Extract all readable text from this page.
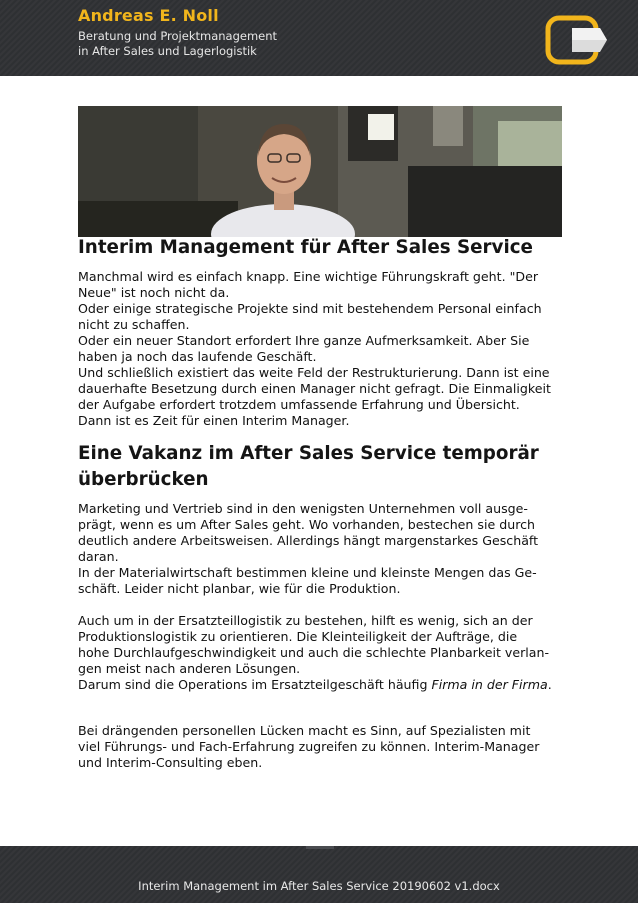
Andreas E. Noll
Beratung und Projektmanagement
in After Sales und Lagerlogistik
Interim Management für After Sales Service
Manchmal wird es einfach knapp. Eine wichtige Führungskraft geht. "Der
Neue" ist noch nicht da.
Oder einige strategische Projekte sind mit bestehendem Personal einfach
nicht zu schaffen.
Oder ein neuer Standort erfordert Ihre ganze Aufmerksamkeit. Aber Sie
haben ja noch das laufende Geschäft.
Und schließlich existiert das weite Feld der Restrukturierung. Dann ist eine
dauerhafte Besetzung durch einen Manager nicht gefragt. Die Einmaligkeit
der Aufgabe erfordert trotzdem umfassende Erfahrung und Übersicht.
Dann ist es Zeit für einen Interim Manager.
Eine Vakanz im After Sales Service temporär
überbrücken
Marketing und Vertrieb sind in den wenigsten Unternehmen voll ausge-
prägt, wenn es um After Sales geht. Wo vorhanden, bestechen sie durch
deutlich andere Arbeitsweisen. Allerdings hängt margenstarkes Geschäft
daran.
In der Materialwirtschaft bestimmen kleine und kleinste Mengen das Ge-
schäft. Leider nicht planbar, wie für die Produktion.
Auch um in der Ersatzteillogistik zu bestehen, hilft es wenig, sich an der
Produktionslogistik zu orientieren. Die Kleinteiligkeit der Aufträge, die
hohe Durchlaufgeschwindigkeit und auch die schlechte Planbarkeit verlan-
gen meist nach anderen Lösungen.
Darum sind die Operations im Ersatzteilgeschäft häufig Firma in der Firma.
Bei drängenden personellen Lücken macht es Sinn, auf Spezialisten mit
viel Führungs- und Fach-Erfahrung zugreifen zu können. Interim-Manager
und Interim-Consulting eben.
Interim Management im After Sales Service 20190602 v1.docx
